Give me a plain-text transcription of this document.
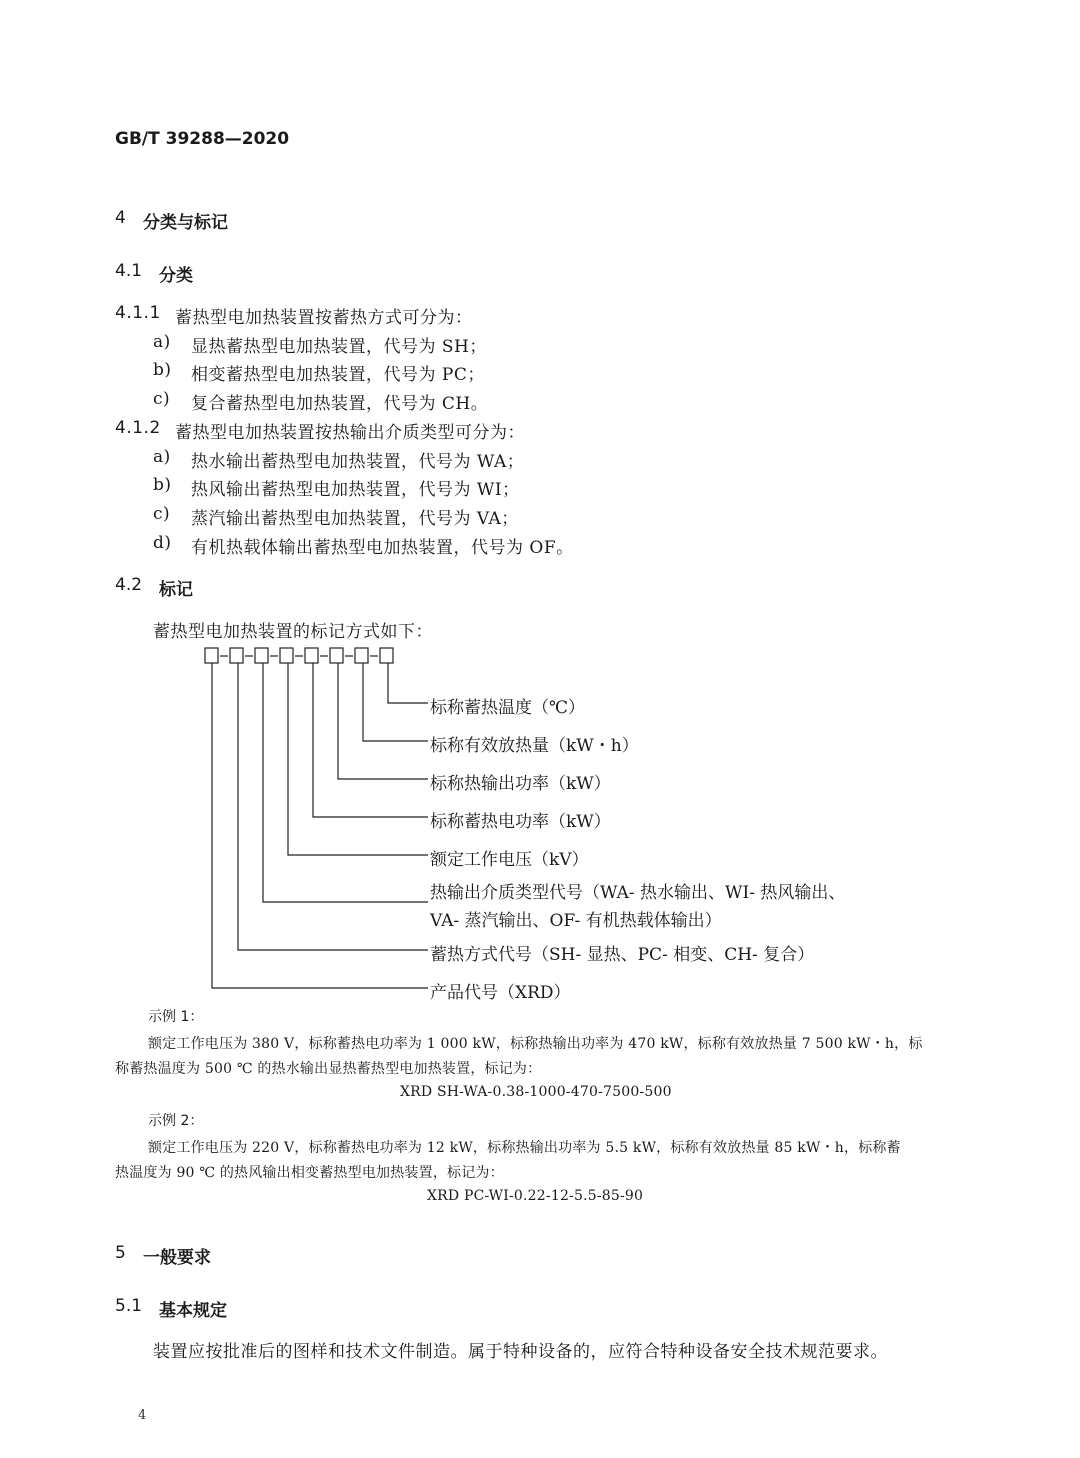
GB/T 39288—2020
4 分类与标记
4.1 分类
4.1.1 蓄热型电加热装置按蓄热方式可分为：
a) 显热蓄热型电加热装置，代号为 SH；
b) 相变蓄热型电加热装置，代号为 PC；
c) 复合蓄热型电加热装置，代号为 CH。
4.1.2 蓄热型电加热装置按热输出介质类型可分为：
a) 热水输出蓄热型电加热装置，代号为 WA；
b) 热风输出蓄热型电加热装置，代号为 WI；
c) 蒸汽输出蓄热型电加热装置，代号为 VA；
d) 有机热载体输出蓄热型电加热装置，代号为 OF。
4.2 标记
蓄热型电加热装置的标记方式如下：
标称蓄热温度（℃）
标称有效放热量（kW・h）
标称热输出功率（kW）
标称蓄热电功率（kW）
额定工作电压（kV）
热输出介质类型代号（WA- 热水输出、WI- 热风输出、
VA- 蒸汽输出、OF- 有机热载体输出）
蓄热方式代号（SH- 显热、PC- 相变、CH- 复合）
产品代号（XRD）
示例 1：
额定工作电压为 380 V，标称蓄热电功率为 1 000 kW，标称热输出功率为 470 kW，标称有效放热量 7 500 kW・h，标
称蓄热温度为 500 ℃ 的热水输出显热蓄热型电加热装置，标记为：
XRD SH-WA-0.38-1000-470-7500-500
示例 2：
额定工作电压为 220 V，标称蓄热电功率为 12 kW，标称热输出功率为 5.5 kW，标称有效放热量 85 kW・h，标称蓄
热温度为 90 ℃ 的热风输出相变蓄热型电加热装置，标记为：
XRD PC-WI-0.22-12-5.5-85-90
5 一般要求
5.1 基本规定
装置应按批准后的图样和技术文件制造。属于特种设备的，应符合特种设备安全技术规范要求。
4
